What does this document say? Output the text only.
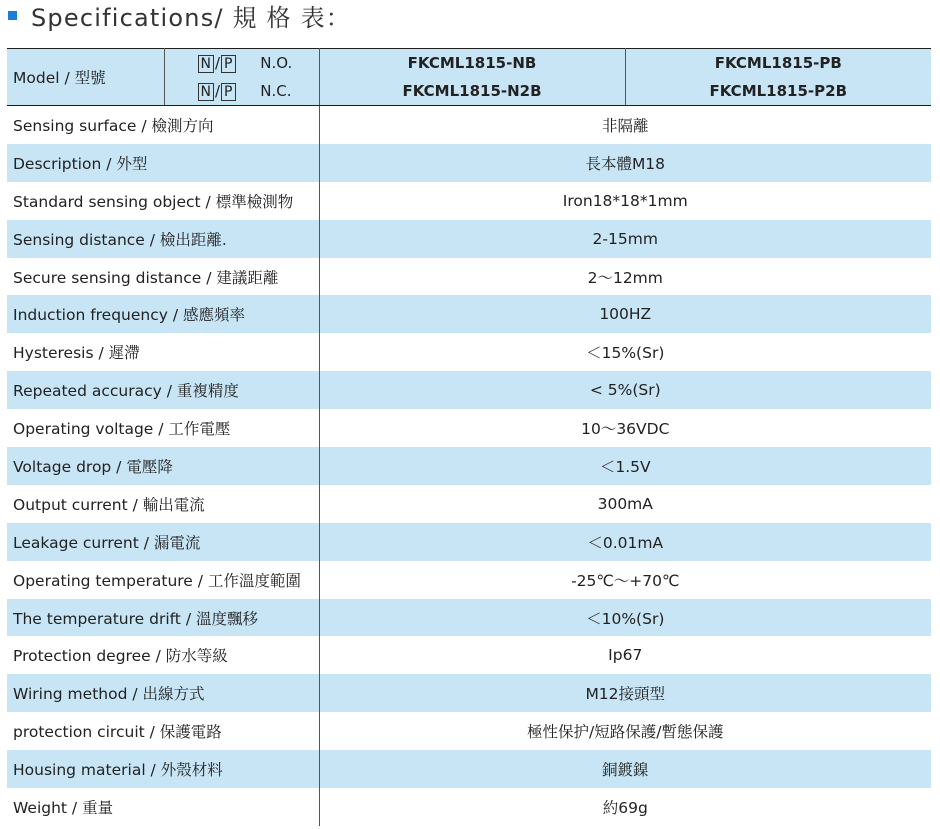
Specifications/ 規 格 表：
Model / 型號	N / P N.O.	FKCML1815-NB	FKCML1815-PB
	N / P N.C.	FKCML1815-N2B	FKCML1815-P2B
Sensing surface / 檢測方向		非隔離	
Description / 外型		長本體M18	
Standard sensing object / 標準檢測物		Iron18*18*1mm	
Sensing distance / 檢出距離.		2-15mm	
Secure sensing distance / 建議距離		2～12mm	
Induction frequency / 感應頻率		100HZ	
Hysteresis / 遲滯		＜15%(Sr)	
Repeated accuracy / 重複精度		< 5%(Sr)	
Operating voltage / 工作電壓		10～36VDC	
Voltage drop / 電壓降		＜1.5V	
Output current / 輸出電流		300mA	
Leakage current / 漏電流		＜0.01mA	
Operating temperature / 工作溫度範圍		-25℃～+70℃	
The temperature drift / 溫度飄移		＜10%(Sr)	
Protection degree / 防水等級		Ip67	
Wiring method / 出線方式		M12接頭型	
protection circuit / 保護電路		極性保护/短路保護/暫態保護	
Housing material / 外殼材料		銅鍍鎳	
Weight / 重量		約69g	
